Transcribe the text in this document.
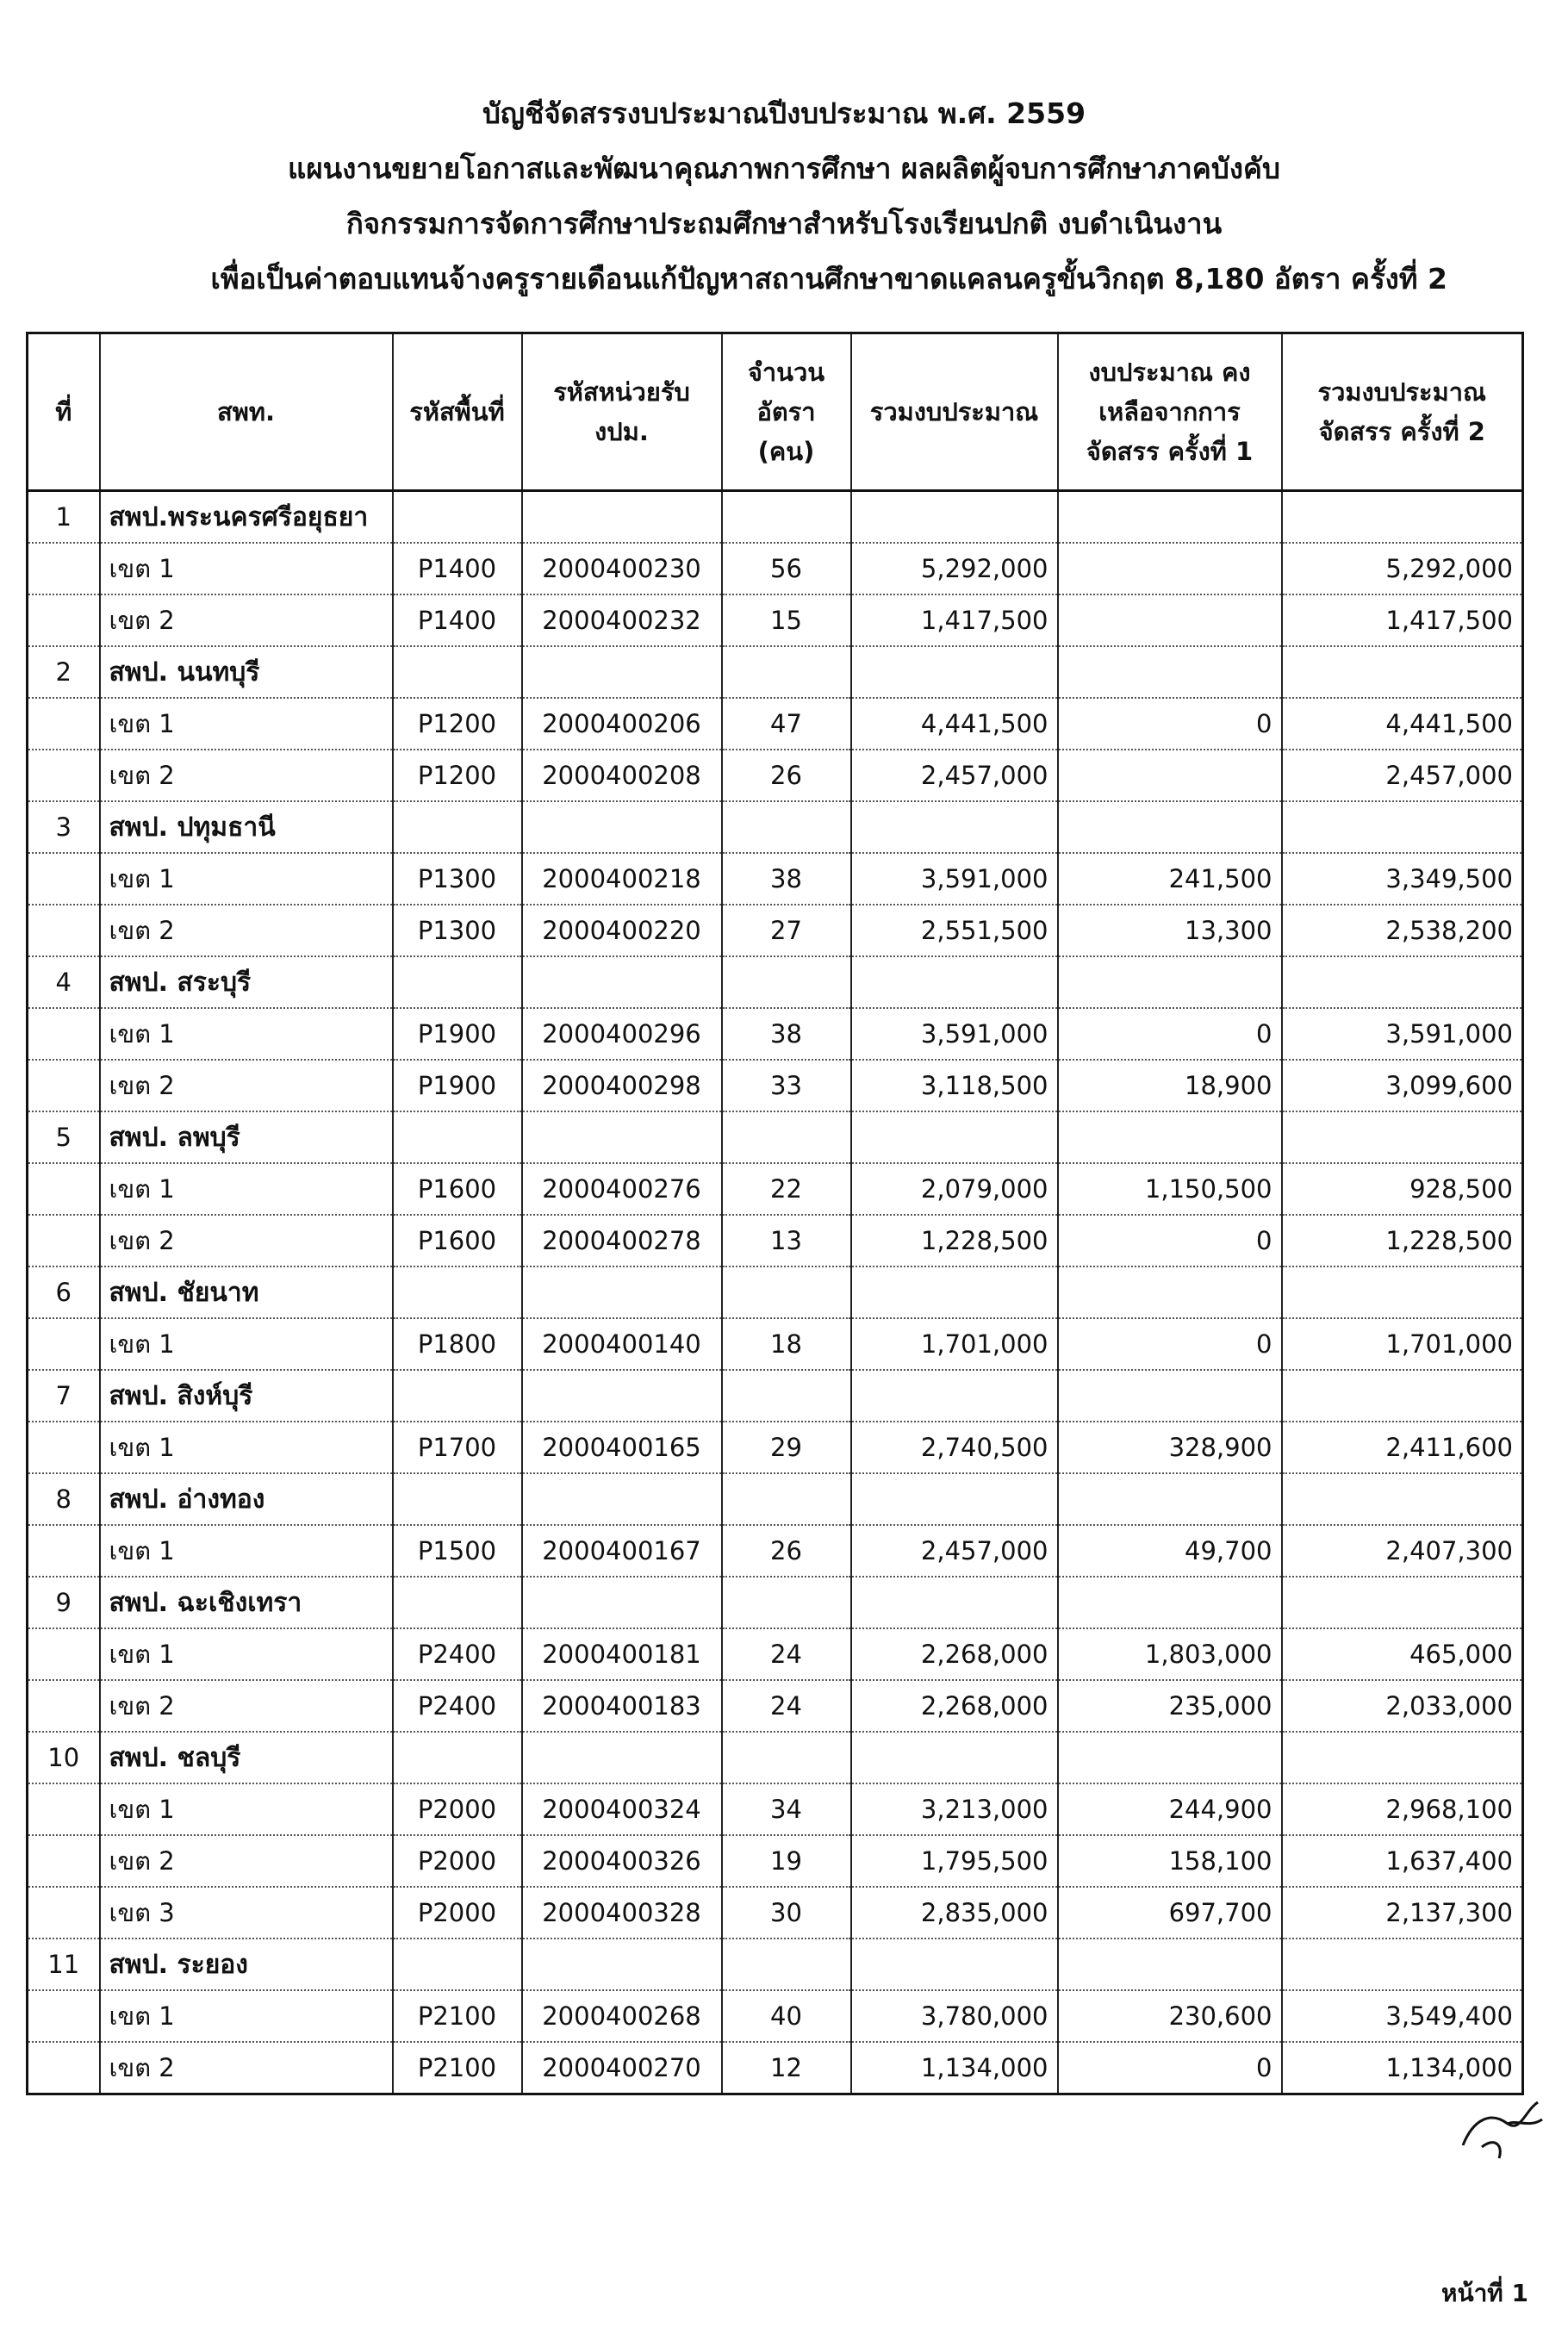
บัญชีจัดสรรงบประมาณปีงบประมาณ พ.ศ. 2559
แผนงานขยายโอกาสและพัฒนาคุณภาพการศึกษา ผลผลิตผู้จบการศึกษาภาคบังคับ
กิจกรรมการจัดการศึกษาประถมศึกษาสำหรับโรงเรียนปกติ งบดำเนินงาน
เพื่อเป็นค่าตอบแทนจ้างครูรายเดือนแก้ปัญหาสถานศึกษาขาดแคลนครูขั้นวิกฤต 8,180 อัตรา ครั้งที่ 2
ที่	สพท.	รหัสพื้นที่	รหัสหน่วยรับ งปม.	จำนวน อัตรา (คน)	รวมงบประมาณ	งบประมาณ คงเหลือจากการ จัดสรร ครั้งที่ 1	รวมงบประมาณ จัดสรร ครั้งที่ 2
1	สพป.พระนครศรีอยุธยา						
	เขต 1	P1400	2000400230	56	5,292,000		5,292,000
	เขต 2	P1400	2000400232	15	1,417,500		1,417,500
2	สพป. นนทบุรี						
	เขต 1	P1200	2000400206	47	4,441,500	0	4,441,500
	เขต 2	P1200	2000400208	26	2,457,000		2,457,000
3	สพป. ปทุมธานี						
	เขต 1	P1300	2000400218	38	3,591,000	241,500	3,349,500
	เขต 2	P1300	2000400220	27	2,551,500	13,300	2,538,200
4	สพป. สระบุรี						
	เขต 1	P1900	2000400296	38	3,591,000	0	3,591,000
	เขต 2	P1900	2000400298	33	3,118,500	18,900	3,099,600
5	สพป. ลพบุรี						
	เขต 1	P1600	2000400276	22	2,079,000	1,150,500	928,500
	เขต 2	P1600	2000400278	13	1,228,500	0	1,228,500
6	สพป. ชัยนาท						
	เขต 1	P1800	2000400140	18	1,701,000	0	1,701,000
7	สพป. สิงห์บุรี						
	เขต 1	P1700	2000400165	29	2,740,500	328,900	2,411,600
8	สพป. อ่างทอง						
	เขต 1	P1500	2000400167	26	2,457,000	49,700	2,407,300
9	สพป. ฉะเชิงเทรา						
	เขต 1	P2400	2000400181	24	2,268,000	1,803,000	465,000
	เขต 2	P2400	2000400183	24	2,268,000	235,000	2,033,000
10	สพป. ชลบุรี						
	เขต 1	P2000	2000400324	34	3,213,000	244,900	2,968,100
	เขต 2	P2000	2000400326	19	1,795,500	158,100	1,637,400
	เขต 3	P2000	2000400328	30	2,835,000	697,700	2,137,300
11	สพป. ระยอง						
	เขต 1	P2100	2000400268	40	3,780,000	230,600	3,549,400
	เขต 2	P2100	2000400270	12	1,134,000	0	1,134,000
หน้าที่ 1
